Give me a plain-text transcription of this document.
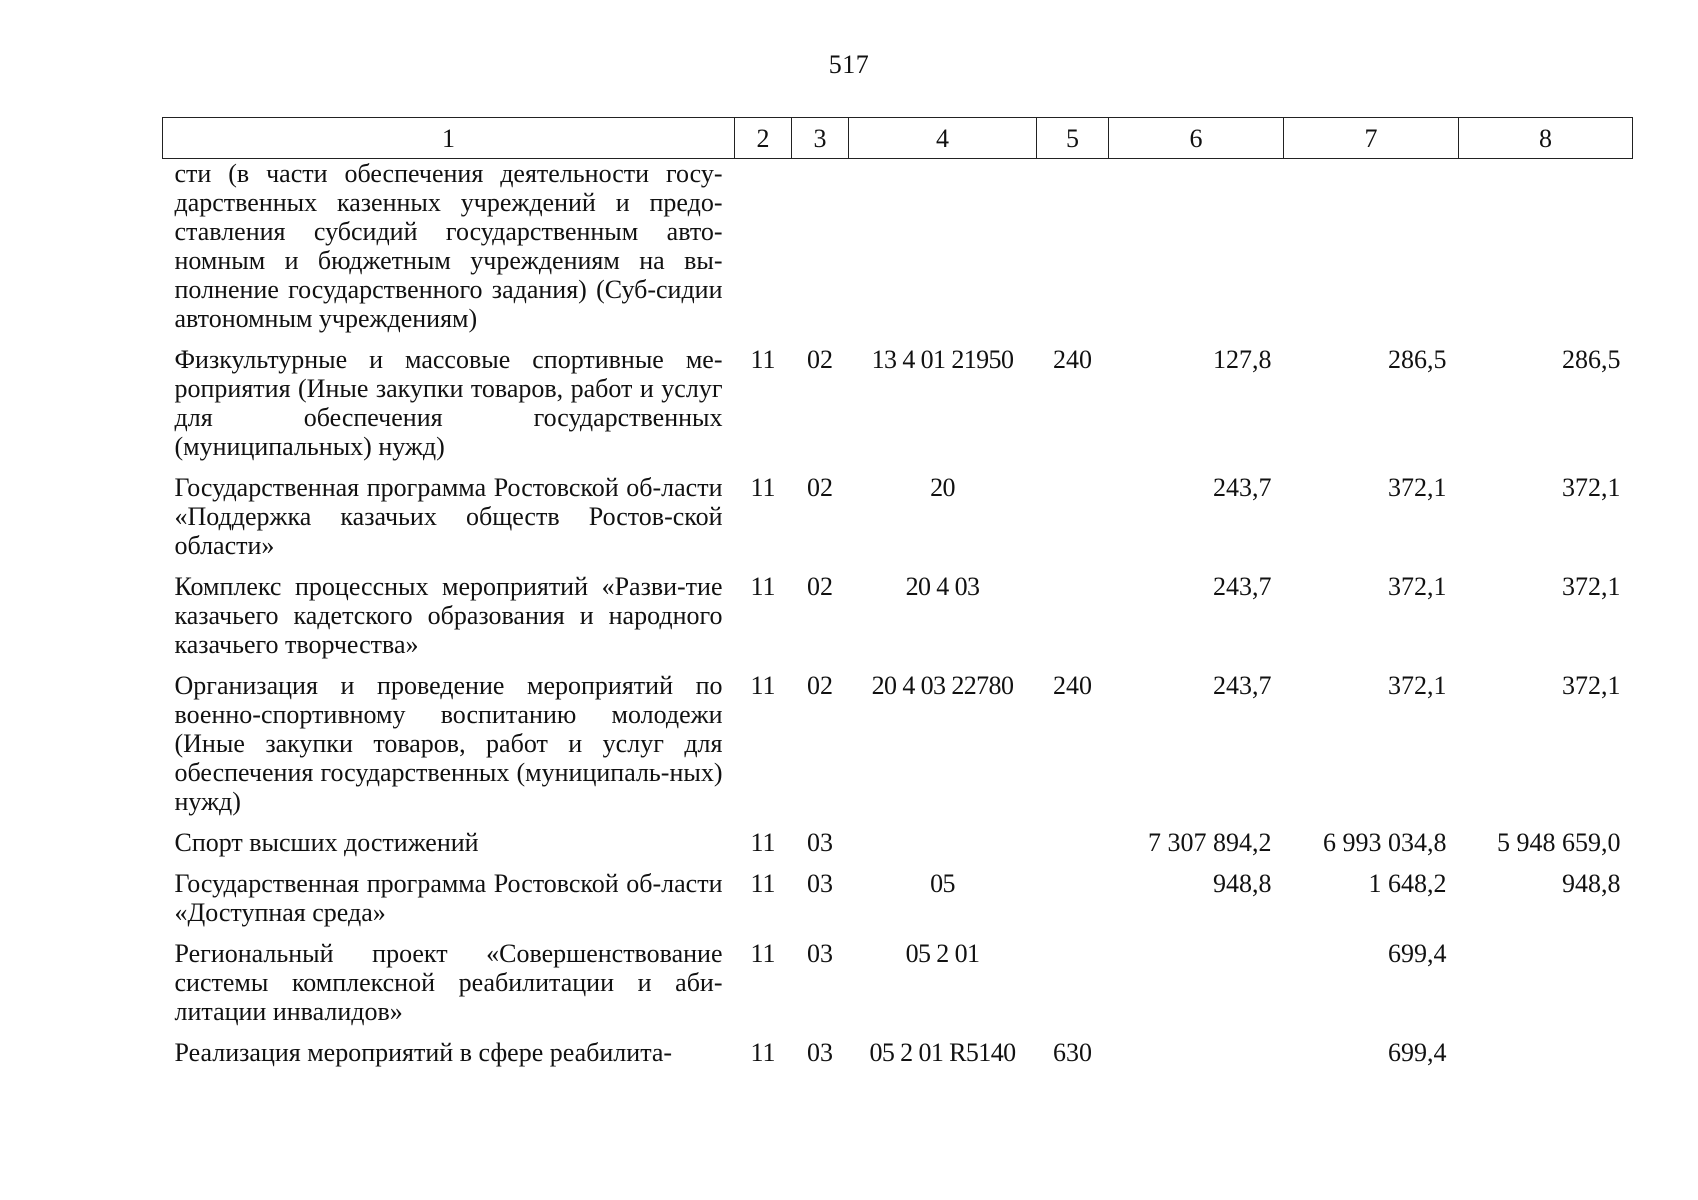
517
1	2	3	4	5	6	7	8
сти (в части обеспечения деятельности госу-дарственных казенных учреждений и предо-ставления субсидий государственным авто-номным и бюджетным учреждениям на вы-полнение государственного задания) (Суб-сидии автономным учреждениям)							
Физкультурные и массовые спортивные ме-роприятия (Иные закупки товаров, работ и услуг для обеспечения государственных (муниципальных) нужд)	11	02	13 4 01 21950	240	127,8	286,5	286,5
Государственная программа Ростовской об-ласти «Поддержка казачьих обществ Ростов-ской области»	11	02	20		243,7	372,1	372,1
Комплекс процессных мероприятий «Разви-тие казачьего кадетского образования и народного казачьего творчества»	11	02	20 4 03		243,7	372,1	372,1
Организация и проведение мероприятий по военно-спортивному воспитанию молодежи (Иные закупки товаров, работ и услуг для обеспечения государственных (муниципаль-ных) нужд)	11	02	20 4 03 22780	240	243,7	372,1	372,1
Спорт высших достижений	11	03			7 307 894,2	6 993 034,8	5 948 659,0
Государственная программа Ростовской об-ласти «Доступная среда»	11	03	05		948,8	1 648,2	948,8
Региональный проект «Совершенствование системы комплексной реабилитации и аби-литации инвалидов»	11	03	05 2 01			699,4	
Реализация мероприятий в сфере реабилита-	11	03	05 2 01 R5140	630		699,4	
